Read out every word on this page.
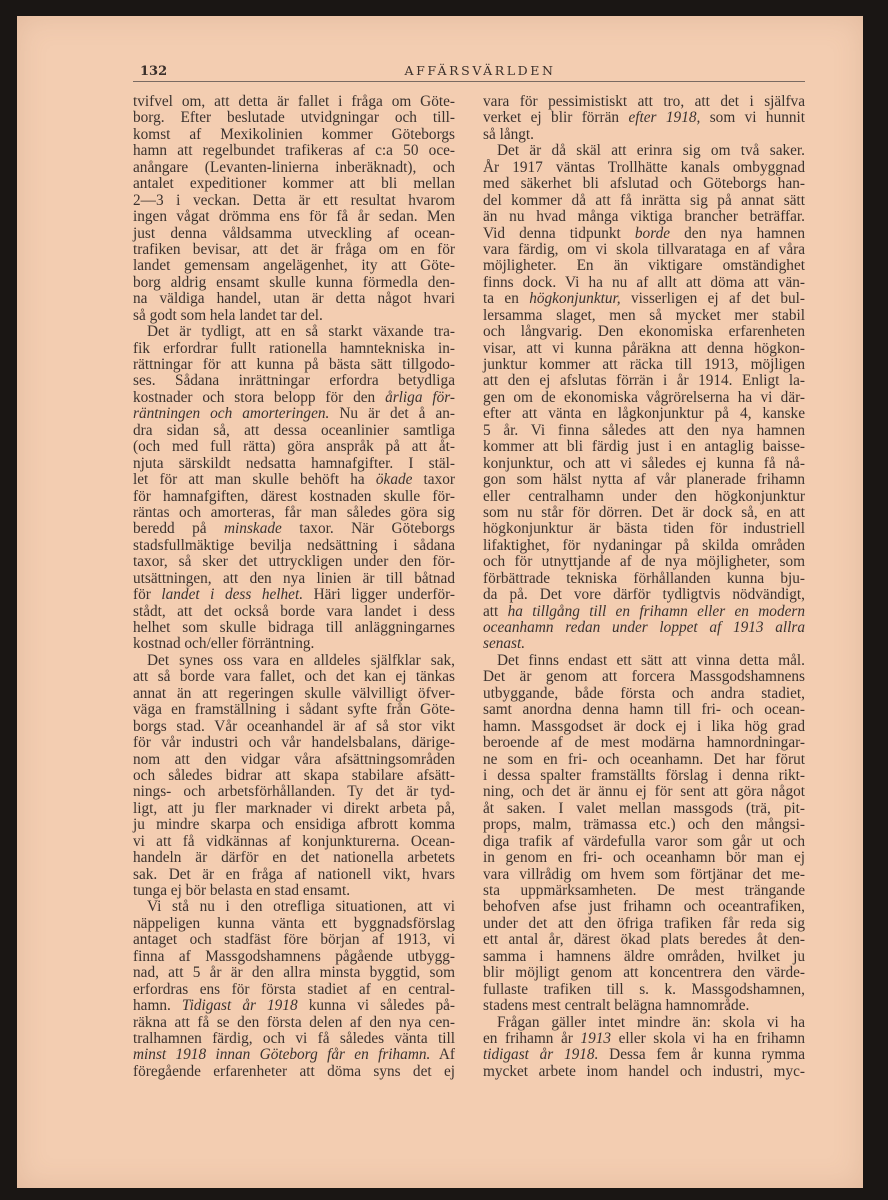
132	AFFÄRSVÄRLDEN
tvifvel om, att detta är fallet i fråga om Göte-
borg. Efter beslutade utvidgningar och till-
komst af Mexikolinien kommer Göteborgs
hamn att regelbundet trafikeras af c:a 50 oce-
anångare (Levanten-linierna inberäknadt), och
antalet expeditioner kommer att bli mellan
2—3 i veckan. Detta är ett resultat hvarom
ingen vågat drömma ens för få år sedan. Men
just denna våldsamma utveckling af ocean-
trafiken bevisar, att det är fråga om en för
landet gemensam angelägenhet, ity att Göte-
borg aldrig ensamt skulle kunna förmedla den-
na väldiga handel, utan är detta något hvari
så godt som hela landet tar del.
Det är tydligt, att en så starkt växande tra-
fik erfordrar fullt rationella hamntekniska in-
rättningar för att kunna på bästa sätt tillgodo-
ses. Sådana inrättningar erfordra betydliga
kostnader och stora belopp för den årliga för-
räntningen och amorteringen. Nu är det å an-
dra sidan så, att dessa oceanlinier samtliga
(och med full rätta) göra anspråk på att åt-
njuta särskildt nedsatta hamnafgifter. I stäl-
let för att man skulle behöft ha ökade taxor
för hamnafgiften, därest kostnaden skulle för-
räntas och amorteras, får man således göra sig
beredd på minskade taxor. När Göteborgs
stadsfullmäktige bevilja nedsättning i sådana
taxor, så sker det uttryckligen under den för-
utsättningen, att den nya linien är till båtnad
för landet i dess helhet. Häri ligger underför-
stådt, att det också borde vara landet i dess
helhet som skulle bidraga till anläggningarnes
kostnad och/eller förräntning.
Det synes oss vara en alldeles själfklar sak,
att så borde vara fallet, och det kan ej tänkas
annat än att regeringen skulle välvilligt öfver-
väga en framställning i sådant syfte från Göte-
borgs stad. Vår oceanhandel är af så stor vikt
för vår industri och vår handelsbalans, därige-
nom att den vidgar våra afsättningsområden
och således bidrar att skapa stabilare afsätt-
nings- och arbetsförhållanden. Ty det är tyd-
ligt, att ju fler marknader vi direkt arbeta på,
ju mindre skarpa och ensidiga afbrott komma
vi att få vidkännas af konjunkturerna. Ocean-
handeln är därför en det nationella arbetets
sak. Det är en fråga af nationell vikt, hvars
tunga ej bör belasta en stad ensamt.
Vi stå nu i den otrefliga situationen, att vi
näppeligen kunna vänta ett byggnadsförslag
antaget och stadfäst före början af 1913, vi
finna af Massgodshamnens pågående utbygg-
nad, att 5 år är den allra minsta byggtid, som
erfordras ens för första stadiet af en central-
hamn. Tidigast år 1918 kunna vi således på-
räkna att få se den första delen af den nya cen-
tralhamnen färdig, och vi få således vänta till
minst 1918 innan Göteborg får en frihamn. Af
föregående erfarenheter att döma syns det ej
vara för pessimistiskt att tro, att det i själfva
verket ej blir förrän efter 1918, som vi hunnit
så långt.
Det är då skäl att erinra sig om två saker.
År 1917 väntas Trollhätte kanals ombyggnad
med säkerhet bli afslutad och Göteborgs han-
del kommer då att få inrätta sig på annat sätt
än nu hvad många viktiga brancher beträffar.
Vid denna tidpunkt borde den nya hamnen
vara färdig, om vi skola tillvarataga en af våra
möjligheter. En än viktigare omständighet
finns dock. Vi ha nu af allt att döma att vän-
ta en högkonjunktur, visserligen ej af det bul-
lersamma slaget, men så mycket mer stabil
och långvarig. Den ekonomiska erfarenheten
visar, att vi kunna påräkna att denna högkon-
junktur kommer att räcka till 1913, möjligen
att den ej afslutas förrän i år 1914. Enligt la-
gen om de ekonomiska vågrörelserna ha vi där-
efter att vänta en lågkonjunktur på 4, kanske
5 år. Vi finna således att den nya hamnen
kommer att bli färdig just i en antaglig baisse-
konjunktur, och att vi således ej kunna få nå-
gon som hälst nytta af vår planerade frihamn
eller centralhamn under den högkonjunktur
som nu står för dörren. Det är dock så, en att
högkonjunktur är bästa tiden för industriell
lifaktighet, för nydaningar på skilda områden
och för utnyttjande af de nya möjligheter, som
förbättrade tekniska förhållanden kunna bju-
da på. Det vore därför tydligtvis nödvändigt,
att ha tillgång till en frihamn eller en modern
oceanhamn redan under loppet af 1913 allra
senast.
Det finns endast ett sätt att vinna detta mål.
Det är genom att forcera Massgodshamnens
utbyggande, både första och andra stadiet,
samt anordna denna hamn till fri- och ocean-
hamn. Massgodset är dock ej i lika hög grad
beroende af de mest modärna hamnordningar-
ne som en fri- och oceanhamn. Det har förut
i dessa spalter framställts förslag i denna rikt-
ning, och det är ännu ej för sent att göra något
åt saken. I valet mellan massgods (trä, pit-
props, malm, trämassa etc.) och den mångsi-
diga trafik af värdefulla varor som går ut och
in genom en fri- och oceanhamn bör man ej
vara villrådig om hvem som förtjänar det me-
sta uppmärksamheten. De mest trängande
behofven afse just frihamn och oceantrafiken,
under det att den öfriga trafiken får reda sig
ett antal år, därest ökad plats beredes åt den-
samma i hamnens äldre områden, hvilket ju
blir möjligt genom att koncentrera den värde-
fullaste trafiken till s. k. Massgodshamnen,
stadens mest centralt belägna hamnområde.
Frågan gäller intet mindre än: skola vi ha
en frihamn år 1913 eller skola vi ha en frihamn
tidigast år 1918. Dessa fem år kunna rymma
mycket arbete inom handel och industri, myc-
